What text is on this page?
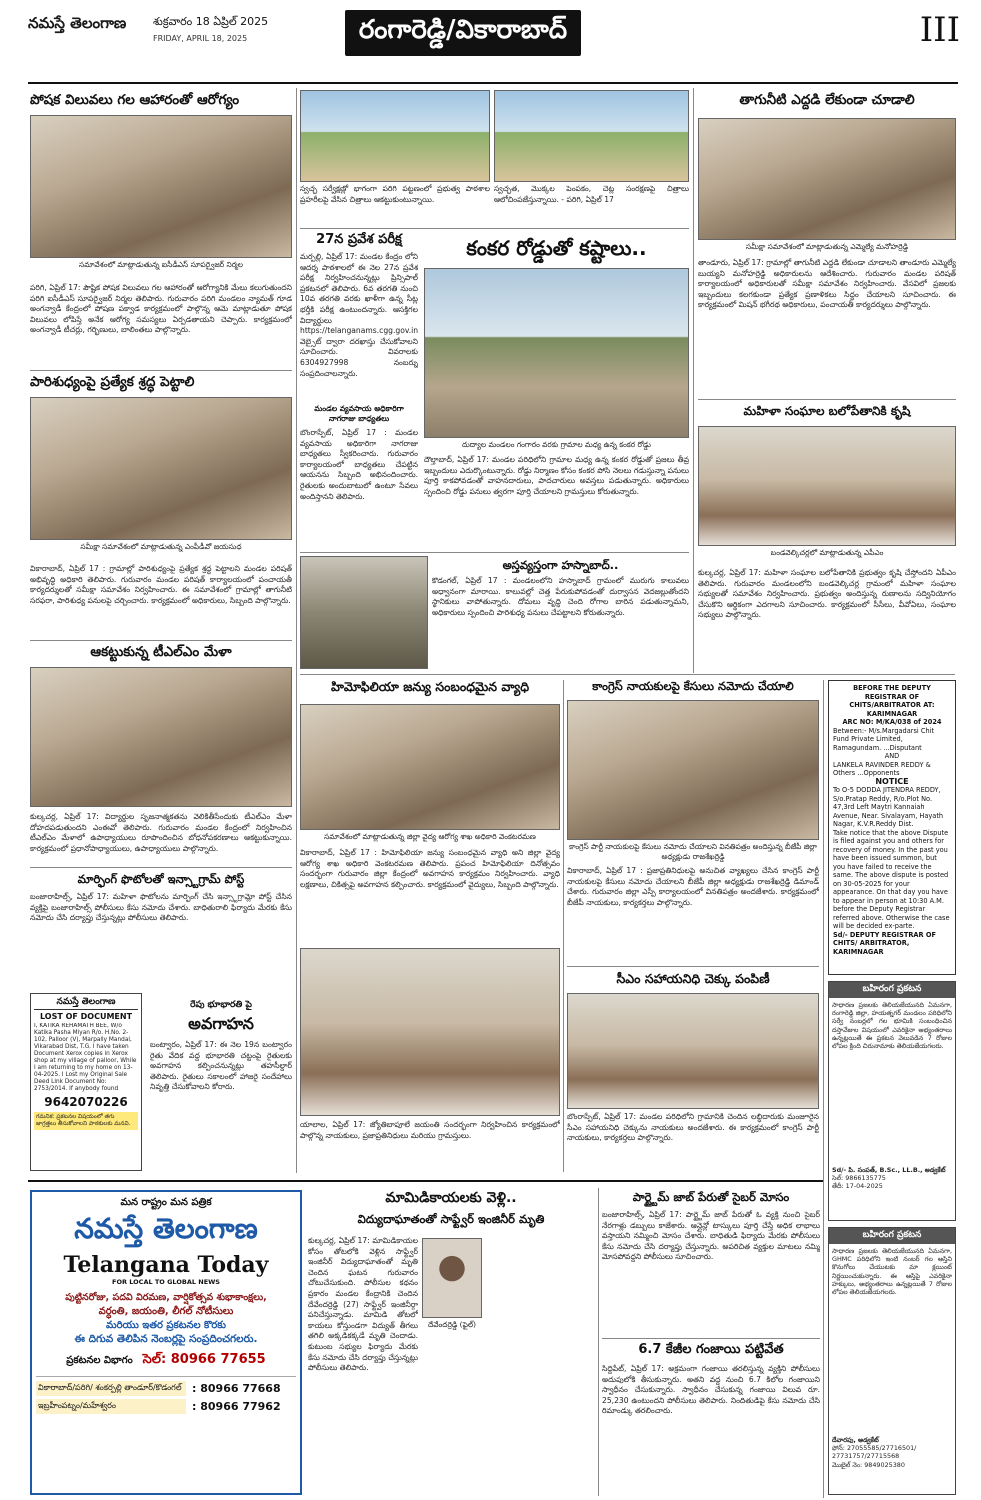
నమస్తే తెలంగాణ	శుక్రవారం 18 ఏప్రిల్ 2025
FRIDAY, APRIL 18, 2025	రంగారెడ్డి/వికారాబాద్	III
పోషక విలువలు గల ఆహారంతో ఆరోగ్యం
సమావేశంలో మాట్లాడుతున్న ఐసీడీఎస్ సూపర్వైజర్ నిర్మల
పరిగి, ఏప్రిల్ 17: పౌష్టిక పోషక విలువలు గల ఆహారంతో ఆరోగ్యానికి మేలు కలుగుతుందని పరిగి ఐసీడీఎస్ సూపర్వైజర్ నిర్మల తెలిపారు. గురువారం పరిగి మండలం న్యామత్ గూడ అంగన్వాడీ కేంద్రంలో పోషణ పక్వాడ కార్యక్రమంలో పాల్గొన్న ఆమె మాట్లాడుతూ పోషక విలువలు లోపిస్తే అనేక ఆరోగ్య సమస్యలు ఏర్పడతాయని చెప్పారు. కార్యక్రమంలో అంగన్వాడీ టీచర్లు, గర్భిణులు, బాలింతలు పాల్గొన్నారు.
పారిశుధ్యంపై ప్రత్యేక శ్రద్ధ పెట్టాలి
సమీక్షా సమావేశంలో మాట్లాడుతున్న ఎంపీడీవో జయసుధ
వికారాబాద్, ఏప్రిల్ 17 : గ్రామాల్లో పారిశుధ్యంపై ప్రత్యేక శ్రద్ధ పెట్టాలని మండల పరిషత్ అభివృద్ధి అధికారి తెలిపారు. గురువారం మండల పరిషత్ కార్యాలయంలో పంచాయతీ కార్యదర్శులతో సమీక్షా సమావేశం నిర్వహించారు. ఈ సమావేశంలో గ్రామాల్లో తాగునీటి సరఫరా, పారిశుధ్య పనులపై చర్చించారు. కార్యక్రమంలో అధికారులు, సిబ్బంది పాల్గొన్నారు.
ఆకట్టుకున్న టీఎల్ఎం మేళా
కుల్కచర్ల, ఏప్రిల్ 17: విద్యార్థుల సృజనాత్మకతను వెలికితీసేందుకు టీఎల్ఎం మేళా దోహదపడుతుందని ఎంఈవో తెలిపారు. గురువారం మండల కేంద్రంలో నిర్వహించిన టీఎల్ఎం మేళాలో ఉపాధ్యాయులు రూపొందించిన బోధనోపకరణాలు ఆకట్టుకున్నాయి. కార్యక్రమంలో ప్రధానోపాధ్యాయులు, ఉపాధ్యాయులు పాల్గొన్నారు.
మార్ఫింగ్ ఫొటోలతో ఇన్స్టాగ్రామ్ పోస్ట్
బంజారాహిల్స్, ఏప్రిల్ 17: మహిళా ఫొటోలను మార్ఫింగ్ చేసి ఇన్స్టాగ్రామ్లో పోస్ట్ చేసిన వ్యక్తిపై బంజారాహిల్స్ పోలీసులు కేసు నమోదు చేశారు. బాధితురాలి ఫిర్యాదు మేరకు కేసు నమోదు చేసి దర్యాప్తు చేస్తున్నట్లు పోలీసులు తెలిపారు.
నమస్తే తెలంగాణ
LOST OF DOCUMENT
I, KATIKA REHAMATH BEE, W/o Katika Pasha Miyan R/o. H.No. 2-102, Palloor (V), Marpally Mandal, Vikarabad Dist, T.G. I have taken Document Xerox copies in Xerox shop at my village of palloor, While I am returning to my home on 13-04-2025. I Lost my Original Sale Deed Link Document No: 2753/2014. If anybody found
9642070226
గమనిక: ప్రకటనల విషయంలో తగు జాగ్రత్తలు తీసుకోవాలని పాఠకులకు మనవి.
రేపు భూభారతి పై
అవగాహన
బంట్వారం, ఏప్రిల్ 17: ఈ నెల 19న బంట్వారం రైతు వేదిక వద్ద భూభారతి చట్టంపై రైతులకు అవగాహన కల్పించనున్నట్లు తహసీల్దార్ తెలిపారు. రైతులు సకాలంలో హాజరై సందేహాలు నివృత్తి చేసుకోవాలని కోరారు.
స్వచ్ఛ సర్వేక్షణ్లో భాగంగా పరిగి పట్టణంలో ప్రభుత్వ పాఠశాల ప్రహరీలపై వేసిన చిత్రాలు ఆకట్టుకుంటున్నాయి.
స్వచ్ఛత, మొక్కల పెంపకం, చెట్ల సంరక్షణపై చిత్రాలు ఆలోచింపజేస్తున్నాయి. - పరిగి, ఏప్రిల్ 17
27న ప్రవేశ పరీక్ష
మర్పల్లి, ఏప్రిల్ 17: మండల కేంద్రం లోని ఆదర్శ పాఠశాలలో ఈ నెల 27న ప్రవేశ పరీక్ష నిర్వహించనున్నట్లు ప్రిన్సిపాల్ ప్రకటనలో తెలిపారు. 6వ తరగతి నుంచి 10వ తరగతి వరకు ఖాళీగా ఉన్న సీట్ల భర్తీకి పరీక్ష ఉంటుందన్నారు. ఆసక్తిగల విద్యార్థులు https://telanganams.cgg.gov.in వెబ్సైట్ ద్వారా దరఖాస్తు చేసుకోవాలని సూచించారు. వివరాలకు 6304927998 నంబర్ను సంప్రదించాలన్నారు.
మండల వ్యవసాయ అధికారిగా నాగరాజు బాధ్యతలు
బొంరాస్పేట్, ఏప్రిల్ 17 : మండల వ్యవసాయ అధికారిగా నాగరాజు బాధ్యతలు స్వీకరించారు. గురువారం కార్యాలయంలో బాధ్యతలు చేపట్టిన ఆయనను సిబ్బంది అభినందించారు. రైతులకు అందుబాటులో ఉంటూ సేవలు అందిస్తానని తెలిపారు.
కంకర రోడ్డుతో కష్టాలు..
దుద్యాల మండలం గంగారం వరకు గ్రామాల మధ్య ఉన్న కంకర రోడ్డు
దౌల్తాబాద్, ఏప్రిల్ 17: మండల పరిధిలోని గ్రామాల మధ్య ఉన్న కంకర రోడ్డుతో ప్రజలు తీవ్ర ఇబ్బందులు ఎదుర్కొంటున్నారు. రోడ్డు నిర్మాణం కోసం కంకర పోసి నెలలు గడుస్తున్నా పనులు పూర్తి కాకపోవడంతో వాహనదారులు, పాదచారులు అవస్తలు పడుతున్నారు. అధికారులు స్పందించి రోడ్డు పనులు త్వరగా పూర్తి చేయాలని గ్రామస్తులు కోరుతున్నారు.
అస్తవ్యస్తంగా హస్నాబాద్..
కొడంగల్, ఏప్రిల్ 17 : మండలంలోని హస్నాబాద్ గ్రామంలో మురుగు కాలువలు అధ్వానంగా మారాయి. కాలువల్లో చెత్త పేరుకుపోవడంతో దుర్వాసన వెదజల్లుతోందని స్థానికులు వాపోతున్నారు. దోమలు వృద్ధి చెంది రోగాల బారిన పడుతున్నామని, అధికారులు స్పందించి పారిశుధ్య పనులు చేపట్టాలని కోరుతున్నారు.
తాగునీటి ఎద్దడి లేకుండా చూడాలి
సమీక్షా సమావేశంలో మాట్లాడుతున్న ఎమ్మెల్యే మనోహర్రెడ్డి
తాండూరు, ఏప్రిల్ 17: గ్రామాల్లో తాగునీటి ఎద్దడి లేకుండా చూడాలని తాండూరు ఎమ్మెల్యే బుయ్యని మనోహర్రెడ్డి అధికారులను ఆదేశించారు. గురువారం మండల పరిషత్ కార్యాలయంలో అధికారులతో సమీక్షా సమావేశం నిర్వహించారు. వేసవిలో ప్రజలకు ఇబ్బందులు కలగకుండా ప్రత్యేక ప్రణాళికలు సిద్ధం చేయాలని సూచించారు. ఈ కార్యక్రమంలో మిషన్ భగీరథ అధికారులు, పంచాయతీ కార్యదర్శులు పాల్గొన్నారు.
మహిళా సంఘాల బలోపేతానికి కృషి
బండవెల్కిచర్లలో మాట్లాడుతున్న ఎపీఎం
కుల్కచర్ల, ఏప్రిల్ 17: మహిళా సంఘాల బలోపేతానికి ప్రభుత్వం కృషి చేస్తోందని ఏపీఎం తెలిపారు. గురువారం మండలంలోని బండవెల్కిచర్ల గ్రామంలో మహిళా సంఘాల సభ్యులతో సమావేశం నిర్వహించారు. ప్రభుత్వం అందిస్తున్న రుణాలను సద్వినియోగం చేసుకొని ఆర్థికంగా ఎదగాలని సూచించారు. కార్యక్రమంలో సీసీలు, వీవోఏలు, సంఘాల సభ్యులు పాల్గొన్నారు.
హిమోఫిలియా జన్యు సంబంధమైన వ్యాధి
సమావేశంలో మాట్లాడుతున్న జిల్లా వైద్య ఆరోగ్య శాఖ అధికారి వెంకటరమణ
వికారాబాద్, ఏప్రిల్ 17 : హిమోఫిలియా జన్యు సంబంధమైన వ్యాధి అని జిల్లా వైద్య ఆరోగ్య శాఖ అధికారి వెంకటరమణ తెలిపారు. ప్రపంచ హిమోఫిలియా దినోత్సవం సందర్భంగా గురువారం జిల్లా కేంద్రంలో అవగాహన కార్యక్రమం నిర్వహించారు. వ్యాధి లక్షణాలు, చికిత్సపై అవగాహన కల్పించారు. కార్యక్రమంలో వైద్యులు, సిబ్బంది పాల్గొన్నారు.
యాలాల, ఏప్రిల్ 17: జ్యోతిబాపూలే జయంతి సందర్భంగా నిర్వహించిన కార్యక్రమంలో పాల్గొన్న నాయకులు, ప్రజాప్రతినిధులు మరియు గ్రామస్తులు.
కాంగ్రెస్ నాయకులపై కేసులు నమోదు చేయాలి
కాంగ్రెస్ పార్టీ నాయకులపై కేసులు నమోదు చేయాలని వినతిపత్రం అందిస్తున్న బీజేపీ జిల్లా అధ్యక్షుడు రాజశేఖర్రెడ్డి
వికారాబాద్, ఏప్రిల్ 17 : ప్రజాప్రతినిధులపై అనుచిత వ్యాఖ్యలు చేసిన కాంగ్రెస్ పార్టీ నాయకులపై కేసులు నమోదు చేయాలని బీజేపీ జిల్లా అధ్యక్షుడు రాజశేఖర్రెడ్డి డిమాండ్ చేశారు. గురువారం జిల్లా ఎస్పీ కార్యాలయంలో వినతిపత్రం అందజేశారు. కార్యక్రమంలో బీజేపీ నాయకులు, కార్యకర్తలు పాల్గొన్నారు.
సీఎం సహాయనిధి చెక్కు పంపిణీ
బొంరాస్పేట్, ఏప్రిల్ 17: మండల పరిధిలోని గ్రామానికి చెందిన లబ్ధిదారుకు మంజూరైన సీఎం సహాయనిధి చెక్కును నాయకులు అందజేశారు. ఈ కార్యక్రమంలో కాంగ్రెస్ పార్టీ నాయకులు, కార్యకర్తలు పాల్గొన్నారు.
BEFORE THE DEPUTY REGISTRAR OF CHITS/ARBITRATOR AT: KARIMNAGAR
ARC NO: M/KA/038 of 2024
Between:- M/s.Margadarsi Chit Fund Private Limited, Ramagundam. ...Disputant
AND
LANKELA RAVINDER REDDY & Others ...Opponents
NOTICE
To O-5 DODDA JITENDRA REDDY, S/o.Pratap Reddy, R/o.Plot No. 47,3rd Left Maytri Kannaiah Avenue, Near. Sivalayam, Hayath Nagar, K.V.R.Reddy Dist.
Take notice that the above Dispute is filed against you and others for recovery of money. In the past you have been issued summon, but you have failed to receive the same. The above dispute is posted on 30-05-2025 for your appearance. On that day you have to appear in person at 10:30 A.M. before the Deputy Registrar referred above. Otherwise the case will be decided ex-parte.
Sd/- DEPUTY REGISTRAR OF CHITS/ ARBITRATOR, KARIMNAGAR
బహిరంగ ప్రకటన
సాధారణ ప్రజలకు తెలియజేయునది ఏమనగా, రంగారెడ్డి జిల్లా, హయత్నగర్ మండలం పరిధిలోని సర్వే నంబర్లలో గల భూమికి సంబంధించిన దస్తావేజుల విషయంలో ఎవరికైనా అభ్యంతరాలు ఉన్నట్లయితే ఈ ప్రకటన వెలువడిన 7 రోజుల లోపల క్రింది చిరునామాకు తెలియజేయగలరు.
Sd/- పి. సంపత్, B.Sc., LL.B., అడ్వకేట్
సెల్: 9866135775
తేదీ: 17-04-2025
బహిరంగ ప్రకటన
సాధారణ ప్రజలకు తెలియజేయునది ఏమనగా, GHMC పరిధిలోని ఇంటి నంబర్ గల ఆస్తిని కొనుగోలు చేయుటకు మా క్లయింట్ నిర్ణయించుకున్నారు. ఈ ఆస్తిపై ఎవరికైనా హక్కులు, అభ్యంతరాలు ఉన్నట్లయితే 7 రోజుల లోపల తెలియజేయగలరు.
దేవారపు, అడ్వకేట్
ఫోన్: 27055585/27716501/ 27731757/27715568
మొబైల్ నెం: 9849025380
మన రాష్ట్రం మన పత్రిక
నమస్తే తెలంగాణ
Telangana Today
FOR LOCAL TO GLOBAL NEWS
పుట్టినరోజు, పదవి విరమణ, వార్షికోత్సవ శుభాకాంక్షలు,
వర్ధంతి, జయంతి, లీగల్ నోటీసులు
మరియు ఇతర ప్రకటనల కొరకు
ఈ దిగువ తెలిపిన నెంబర్లపై సంప్రదించగలరు.
ప్రకటనల విభాగం సెల్: 80966 77655
వికారాబాద్/పరిగి/ శంకర్పల్లి తాండూర్/కొడంగల్ : 80966 77668
ఇబ్రహీంపట్నం/మహేశ్వరం	: 80966 77962
మామిడికాయలకు వెళ్లి..
విద్యుదాఘాతంతో సాఫ్ట్వేర్ ఇంజినీర్ మృతి
కుల్కచర్ల, ఏప్రిల్ 17: మామిడికాయల కోసం తోటలోకి వెళ్లిన సాఫ్ట్వేర్ ఇంజినీర్ విద్యుదాఘాతంతో మృతి చెందిన ఘటన గురువారం చోటుచేసుకుంది. పోలీసుల కథనం ప్రకారం మండల కేంద్రానికి చెందిన దేవేందర్రెడ్డి (27) సాఫ్ట్వేర్ ఇంజినీర్గా పనిచేస్తున్నాడు. మామిడి తోటలో కాయలు కోస్తుండగా విద్యుత్ తీగలు తగిలి అక్కడికక్కడే మృతి చెందాడు. కుటుంబ సభ్యుల ఫిర్యాదు మేరకు కేసు నమోదు చేసి దర్యాప్తు చేస్తున్నట్లు పోలీసులు తెలిపారు.
దేవేందర్రెడ్డి (ఫైల్)
పార్ట్టైమ్ జాబ్ పేరుతో సైబర్ మోసం
బంజారాహిల్స్, ఏప్రిల్ 17: పార్ట్టైమ్ జాబ్ పేరుతో ఓ వ్యక్తి నుంచి సైబర్ నేరగాళ్లు డబ్బులు కాజేశారు. ఆన్లైన్లో టాస్కులు పూర్తి చేస్తే అధిక లాభాలు వస్తాయని నమ్మించి మోసం చేశారు. బాధితుడి ఫిర్యాదు మేరకు పోలీసులు కేసు నమోదు చేసి దర్యాప్తు చేస్తున్నారు. అపరిచిత వ్యక్తుల మాటలు నమ్మి మోసపోవద్దని పోలీసులు సూచించారు.
6.7 కేజీల గంజాయి పట్టివేత
సిద్దిపేట్, ఏప్రిల్ 17: అక్రమంగా గంజాయి తరలిస్తున్న వ్యక్తిని పోలీసులు అదుపులోకి తీసుకున్నారు. అతని వద్ద నుంచి 6.7 కిలోల గంజాయిని స్వాధీనం చేసుకున్నారు. స్వాధీనం చేసుకున్న గంజాయి విలువ రూ. 25,230 ఉంటుందని పోలీసులు తెలిపారు. నిందితుడిపై కేసు నమోదు చేసి రిమాండ్కు తరలించారు.
